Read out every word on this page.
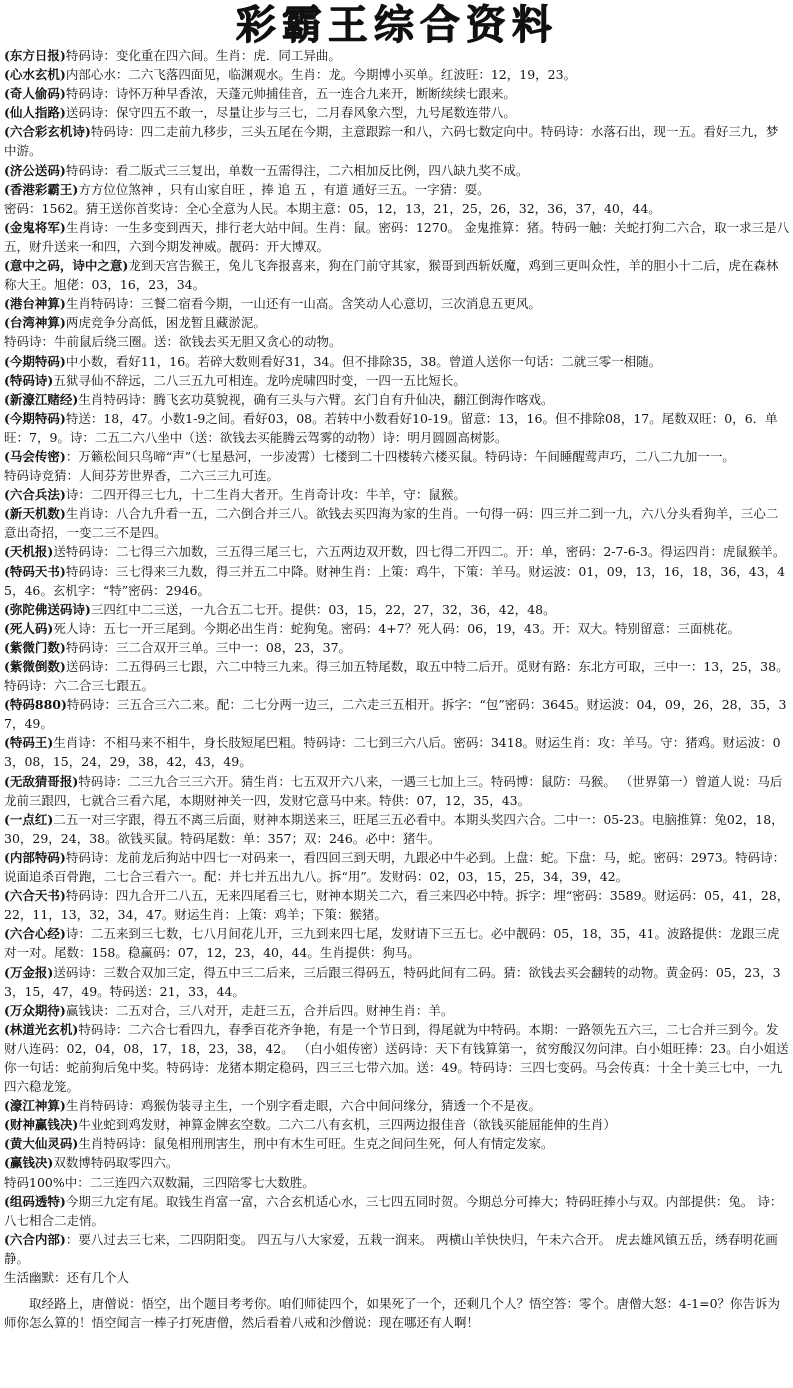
彩霸王综合资料

(东方日报)特码诗：变化重在四六间。生肖：虎．同工异曲。

(心水玄机)内部心水：二六飞落四面见，临渊观水。生肖：龙。今期博小买单。红波旺：12，19，23。

(奇人偷码)特码诗：诗怀万种早香浓，天蓬元帅捕佳音，五一连合九来开，断断续续七跟来。

(仙人指路)送码诗：保守四五不敢一，尽量让步与三七，二月春风象六型，九号尾数连带八。

(六合彩玄机诗)特码诗：四二走前九移步，三头五尾在今期，主意跟踪一和八，六码七数定向中。特码诗：水落石出，现一五。看好三九，梦中游。

(济公送码)特码诗：看二版式三三复出，单数一五需得注，二六相加反比例，四八缺九奖不成。

(香港彩霸王)方方位位煞神 ，只有山家自旺 ，捧 追 五 ，有道 通好三五。一字猜：耍。

密码：1562。猜王送你首奖诗：全心全意为人民。本期主意：05，12，13，21，25，26，32，36，37，40，44。

(金鬼将军)生肖诗：一生多变到西天，排行老大站中间。生肖：鼠。密码：1270。 金鬼推算：猪。特码一触：关蛇打狗二六合，取一求三是八五，财升送来一和四，六到今期发神威。靓码：开大博双。

(意中之码，诗中之意)龙到天宫告猴王，兔儿飞奔报喜来，狗在门前守其家，猴哥到西斩妖魔，鸡到三更叫众性，羊的胆小十二后，虎在森林称大王。旭佬：03，16，23，34。

(港台神算)生肖特码诗：三餐二宿看今期，一山还有一山高。含笑动人心意切，三次消息五更风。

(台湾神算)两虎竞争分高低，困龙暂且藏淤泥。

特码诗：牛前鼠后绕三圈。送：欲钱去买无胆又贪心的动物。

(今期特码)中小数，看好11，16。若碎大数则看好31，34。但不排除35，38。曾道人送你一句话：二就三零一相随。

(特码诗)五狱寻仙不辞远，二八三五九可相连。龙吟虎啸四时变，一四一五比短长。

(新濠江赌经)生肖特码诗：腾飞玄功莫貌视，确有三头与六臂。玄门自有升仙决，翻江倒海作喀戏。

(今期特码)特送：18，47。小数1-9之间。看好03，08。若转中小数看好10-19。留意：13，16。但不排除08，17。尾数双旺：0，6．单旺：7，9。诗：二五二六八坐中（送：欲钱去买能腾云驾雾的动物）诗：明月圆圆高树影。

(马会传密)：万籁松间只鸟啼“声”（七星悬河，一步凌霄）七楼到二十四楼转六楼买鼠。特码诗：午间睡醒莺声巧，二八二九加一一。

特码诗竞猜：人间芬芳世界香，二六三三九可连。

(六合兵法)诗：二四开得三七九，十二生肖大者开。生肖奇计攻：牛羊，守：鼠猴。

(新天机数)生肖诗：八合九升看一五，二六倒合并三八。欲钱去买四海为家的生肖。一句得一码：四三并二到一九，六八分头看狗羊，三心二意出奇招，一变二三不是四。

(天机报)送特码诗：二七得三六加数，三五得三尾三七，六五两边双开数，四七得二开四二。开：单，密码：2-7-6-3。得运四肖：虎鼠猴羊。

(特码天书)特码诗：三七得来三九数，得三并五二中降。财神生肖：上策：鸡牛，下策：羊马。财运波：01，09，13，16，18，36，43，45，46。玄机字：“特”密码：2946。

(弥陀佛送码诗)三四红中二三送，一九合五二七开。提供：03，15，22，27，32，36，42，48。

(死人码)死人诗：五七一开三尾到。今期必出生肖：蛇狗兔。密码：4+7？死人码：06，19，43。开：双大。特别留意：三面桃花。

(紫微门数)特码诗：三二合双开三单。三中一：08，23，37。

(紫微倒数)送码诗：二五得码三七跟，六二中特三九来。得三加五特尾数，取五中特二后开。觅财有路：东北方可取，三中一：13，25，38。特码诗：六二合三七跟五。

(特码880)特码诗：三五合三六二来。配：二七分两一边三，二六走三五相开。拆字：“包”密码：3645。财运波：04，09，26，28，35，37，49。

(特码王)生肖诗：不相马来不相牛，身长肢短尾巴粗。特码诗：二七到三六八后。密码：3418。财运生肖：攻：羊马。守：猪鸡。财运波：03，08，15，24，29，38，42，43，49。

(无敌猜哥报)特码诗：二三九合三三六开。猜生肖：七五双开六八来，一遇三七加上三。特码博：鼠防：马猴。 （世界第一）曾道人说：马后龙前三跟四，七就合三看六尾，本期财神关一四，发财它意马中来。特供：07，12，35，43。

(一点红)二五一对三字跟，得五不离三后面，财神本期送来三，旺尾三五必看中。本期头奖四六合。二中一：05-23。电脑推算：兔02，18，30，29，24，38。欲钱买鼠。特码尾数：单：357；双：246。必中：猪牛。

(内部特码)特码诗：龙前龙后狗站中四七一对码来一，看四回三到天明，九跟必中牛必到。上盘：蛇。下盘：马，蛇。密码：2973。特码诗：说面追杀百骨跑，二七合三看六一。配：并七并五出九八。拆“用”。发财码：02，03，15，25，34，39，42。

(六合天书)特码诗：四九合开二八五，无来四尾看三七，财神本期关二六，看三来四必中特。拆字：埋“密码：3589。财运码：05，41，28，22，11，13，32，34，47。财运生肖：上策：鸡羊；下策：猴猪。

(六合心经)诗：二五来到三七数，七八月间花儿开，三九到来四七尾，发财请下三五七。必中靓码：05，18，35，41。波路提供：龙跟三虎对一对。尾数：158。稳赢码：07，12，23，40，44。生肖提供：狗马。

(万金报)送码诗：三数合双加三定，得五中三二后来，三后跟三得码五，特码此间有二码。猜：欲钱去买会翻转的动物。黄金码：05，23，33，15，47，49。特码送：21，33，44。

(万众期待)赢钱诀：二五对合，三八对开，走赶三五，合并后四。财神生肖：羊。

(林道光玄机)特码诗：二六合七看四九，春季百花齐争艳，有是一个节日到，得尾就为中特码。本期：一路领先五六三，二七合并三到今。发财八连码：02，04，08，17，18，23，38，42。 （白小姐传密）送码诗：天下有钱算第一，贫穷酸汉勿问津。白小姐旺捧：23。白小姐送你一句话：蛇前狗后兔中奖。特码诗：龙猪本期定稳码，四三三七带六加。送：49。特码诗：三四七变码。马会传真：十全十美三七中，一九四六稳龙笼。

(濠江神算)生肖特码诗：鸡猴伪装寻主生，一个别字看走眼，六合中间问缘分，猜透一个不是夜。

(财神赢钱决)牛业蛇到鸡发财，神算金牌玄空数。二六二八有玄机，三四两边报佳音（欲钱买能屈能伸的生肖）

(黄大仙灵码)生肖特码诗：鼠兔相刑刑害生，刑中有木生可旺。生克之间问生死，何人有情定发家。

(赢钱决)双数博特码取零四六。

特码100%中：二三连四六双数漏，三四陪零七大数胜。

(组码透特)今期三九定有尾。取钱生肖富一富，六合玄机适心水，三七四五同时贺。今期总分可捧大；特码旺捧小与双。内部提供：兔。 诗：八七相合二走悄。

(六合内部)：要八过去三七来，二四阴阳变。 四五与八大家爱，五栽一润来。 两横山羊快快归，午未六合开。 虎去雄风镇五岳，绣春明花画静。

生活幽默：还有几个人

取经路上，唐僧说：悟空，出个题目考考你。咱们师徒四个，如果死了一个，还剩几个人？悟空答：零个。唐僧大怒：4-1=0？你告诉为师你怎么算的！悟空闻言一棒子打死唐僧，然后看着八戒和沙僧说：现在哪还有人啊！
